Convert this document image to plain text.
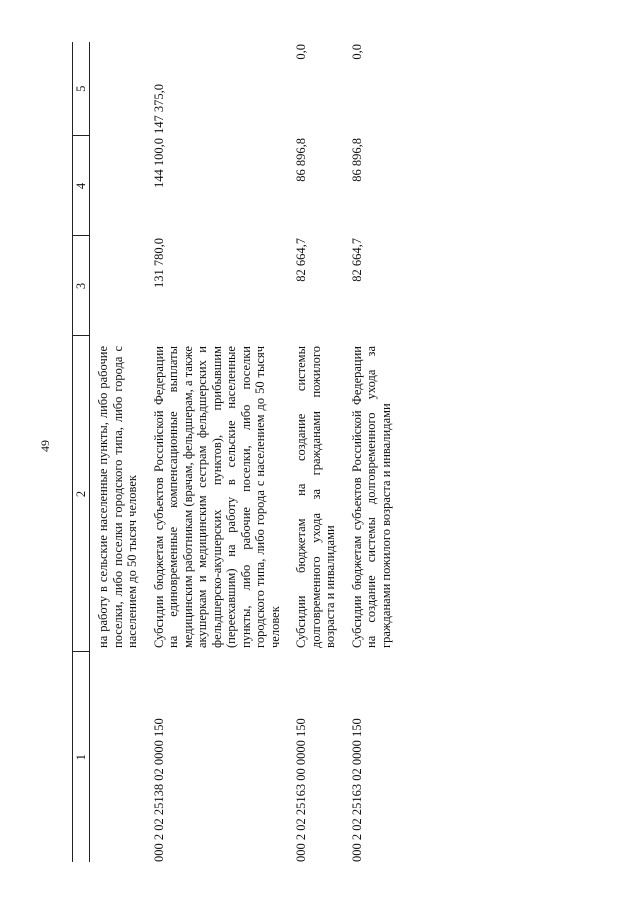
49
1	2	3	4	5
	на работу в сельские населенные пункты, либо рабочие поселки, либо поселки городского типа, либо города с населением до 50 тысяч человек			
000 2 02 25138 02 0000 150	Субсидии бюджетам субъектов Российской Федерации на единовременные компенсационные выплаты медицинским работникам (врачам, фельдшерам, а также акушеркам и медицинским сестрам фельдшерских и фельдшерско-акушерских пунктов), прибывшим (переехавшим) на работу в сельские населенные пункты, либо рабочие поселки, либо поселки городского типа, либо города с населением до 50 тысяч человек	131 780,0	144 100,0	147 375,0
000 2 02 25163 00 0000 150	Субсидии бюджетам на создание системы долговременного ухода за гражданами пожилого возраста и инвалидами	82 664,7	86 896,8	0,0
000 2 02 25163 02 0000 150	Субсидии бюджетам субъектов Российской Федерации на создание системы долговременного ухода за гражданами пожилого возраста и инвалидами	82 664,7	86 896,8	0,0
